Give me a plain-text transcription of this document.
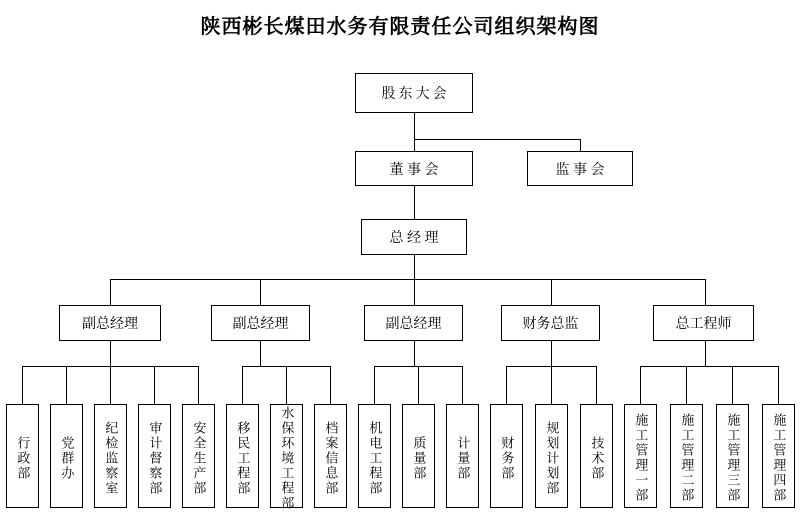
陕西彬长煤田水务有限责任公司组织架构图
股东大会
董 事 会	监 事 会
总 经 理
副总经理	副总经理	副总经理	财务总监	总工程师
行政部	党群办	纪检监察室	审计督察部	安全生产部	移民工程部	水保环境工程部	档案信息部	机电工程部	质量部	计量部	财务部	规划计划部	技术部	施工管理一部	施工管理二部	施工管理三部	施工管理四部
